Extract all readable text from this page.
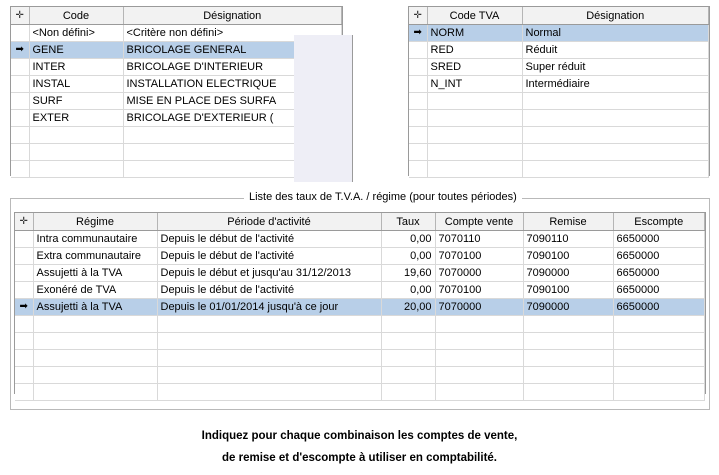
✛	Code	Désignation
	<Non défini>	<Critère non défini>
➡	GENE	BRICOLAGE GENERAL
	INTER	BRICOLAGE D'INTERIEUR
	INSTAL	INSTALLATION ELECTRIQUE
	SURF	MISE EN PLACE DES SURFA
	EXTER	BRICOLAGE D'EXTERIEUR (

✛	Code TVA	Désignation
➡	NORM	Normal
	RED	Réduit
	SRED	Super réduit
	N_INT	Intermédiaire

Liste des taux de T.V.A. / régime (pour toutes périodes)
✛	Régime	Période d'activité	Taux	Compte vente	Remise	Escompte
	Intra communautaire	Depuis le début de l'activité	0,00	7070110	7090110	6650000
	Extra communautaire	Depuis le début de l'activité	0,00	7070100	7090100	6650000
	Assujetti à la TVA	Depuis le début et jusqu'au 31/12/2013	19,60	7070000	7090000	6650000
	Exonéré de TVA	Depuis le début de l'activité	0,00	7070100	7090100	6650000
➡	Assujetti à la TVA	Depuis le 01/01/2014 jusqu'à ce jour	20,00	7070000	7090000	6650000

Indiquez pour chaque combinaison les comptes de vente,
de remise et d'escompte à utiliser en comptabilité.
